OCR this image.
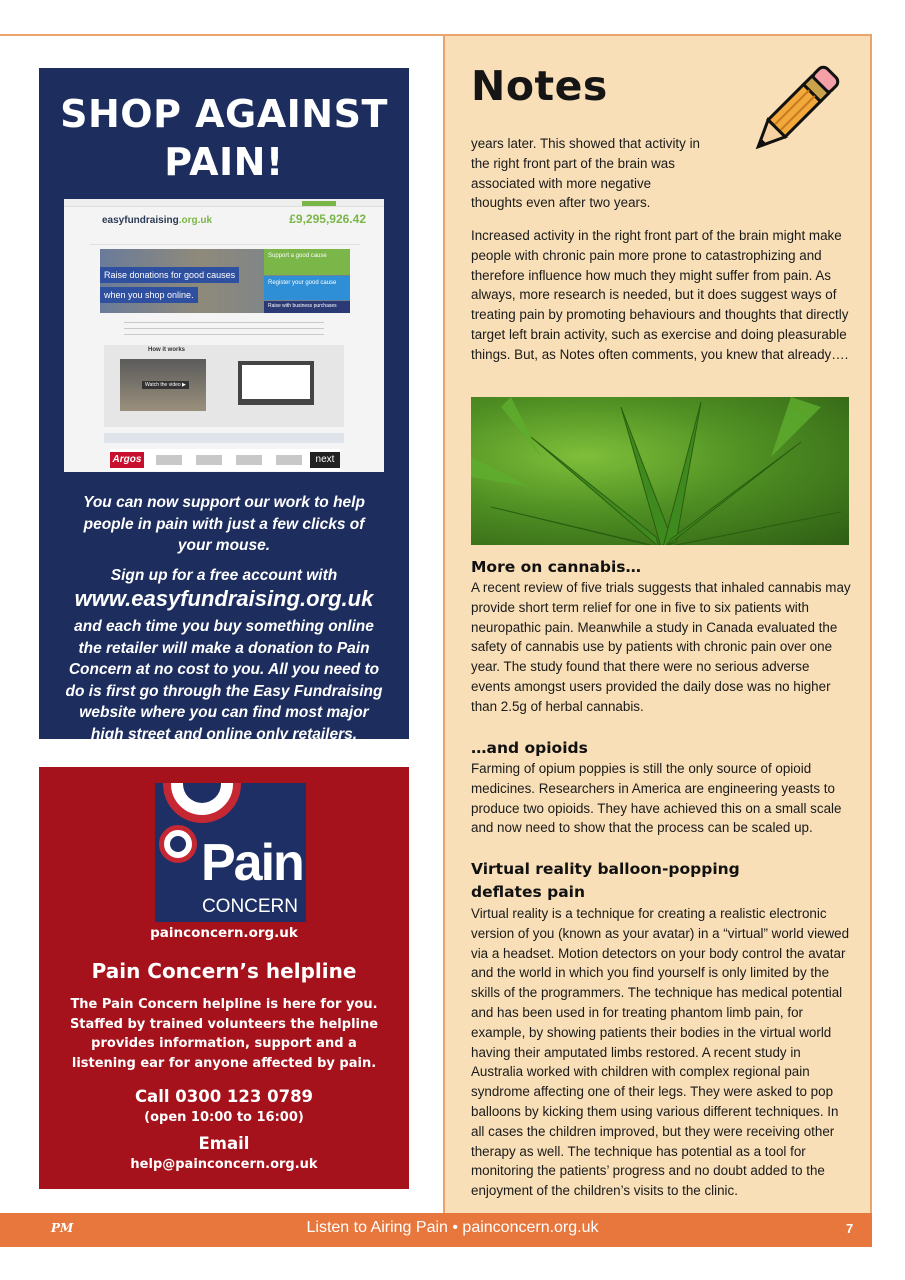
SHOP AGAINST
PAIN!
easyfundraising.org.uk	£9,295,926.42
Raise donations for good causes
when you shop online.
Support a good cause
Register your good cause
Raise with business purchases
How it works
Watch the video ▶
Argos	next

You can now support our work to help people in pain with just a few clicks of your mouse.

Sign up for a free account with
www.easyfundraising.org.uk

and each time you buy something online the retailer will make a donation to Pain Concern at no cost to you. All you need to do is first go through the Easy Fundraising website where you can find most major high street and online only retailers.

Pain
CONCERN
painconcern.org.uk
Pain Concern’s helpline
The Pain Concern helpline is here for you. Staffed by trained volunteers the helpline provides information, support and a listening ear for anyone affected by pain.
Call 0300 123 0789
(open 10:00 to 16:00)
Email
help@painconcern.org.uk
Notes
years later. This showed that activity in the right front part of the brain was associated with more negative thoughts even after two years.
Increased activity in the right front part of the brain might make people with chronic pain more prone to catastrophizing and therefore influence how much they might suffer from pain. As always, more research is needed, but it does suggest ways of treating pain by promoting behaviours and thoughts that directly target left brain activity, such as exercise and doing pleasurable things. But, as Notes often comments, you knew that already….
More on cannabis…
A recent review of five trials suggests that inhaled cannabis may provide short term relief for one in five to six patients with neuropathic pain. Meanwhile a study in Canada evaluated the safety of cannabis use by patients with chronic pain over one year. The study found that there were no serious adverse events amongst users provided the daily dose was no higher than 2.5g of herbal cannabis.
…and opioids
Farming of opium poppies is still the only source of opioid medicines. Researchers in America are engineering yeasts to produce two opioids. They have achieved this on a small scale and now need to show that the process can be scaled up.
Virtual reality balloon-popping
deflates pain
Virtual reality is a technique for creating a realistic electronic version of you (known as your avatar) in a “virtual” world viewed via a headset. Motion detectors on your body control the avatar and the world in which you find yourself is only limited by the skills of the programmers. The technique has medical potential and has been used in for treating phantom limb pain, for example, by showing patients their bodies in the virtual world having their amputated limbs restored. A recent study in Australia worked with children with complex regional pain syndrome affecting one of their legs. They were asked to pop balloons by kicking them using various different techniques. In all cases the children improved, but they were receiving other therapy as well. The technique has potential as a tool for monitoring the patients’ progress and no doubt added to the enjoyment of the children’s visits to the clinic.
PM	Listen to Airing Pain • painconcern.org.uk	7
